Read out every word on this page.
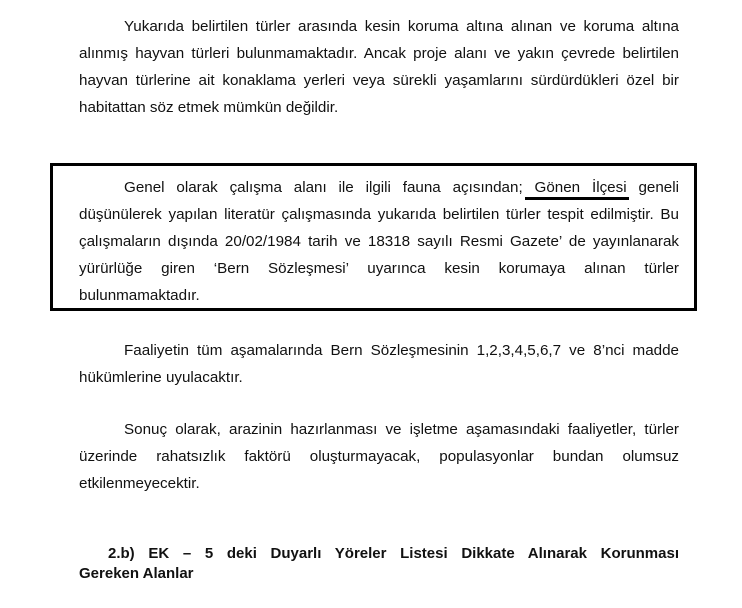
Yukarıda belirtilen türler arasında kesin koruma altına alınan ve koruma altına
alınmış hayvan türleri bulunmamaktadır. Ancak proje alanı ve yakın çevrede belirtilen
hayvan türlerine ait konaklama yerleri veya sürekli yaşamlarını sürdürdükleri özel bir
habitattan söz etmek mümkün değildir.
Genel olarak çalışma alanı ile ilgili fauna açısından; Gönen İlçesi geneli
düşünülerek yapılan literatür çalışmasında yukarıda belirtilen türler tespit edilmiştir. Bu
çalışmaların dışında 20/02/1984 tarih ve 18318 sayılı Resmi Gazete’ de yayınlanarak
yürürlüğe giren ‘Bern Sözleşmesi’ uyarınca kesin korumaya alınan türler
bulunmamaktadır.
Faaliyetin tüm aşamalarında Bern Sözleşmesinin 1,2,3,4,5,6,7 ve 8’nci madde
hükümlerine uyulacaktır.
Sonuç olarak, arazinin hazırlanması ve işletme aşamasındaki faaliyetler, türler
üzerinde rahatsızlık faktörü oluşturmayacak, populasyonlar bundan olumsuz
etkilenmeyecektir.
2.b) EK – 5 deki Duyarlı Yöreler Listesi Dikkate Alınarak Korunması
Gereken Alanlar
